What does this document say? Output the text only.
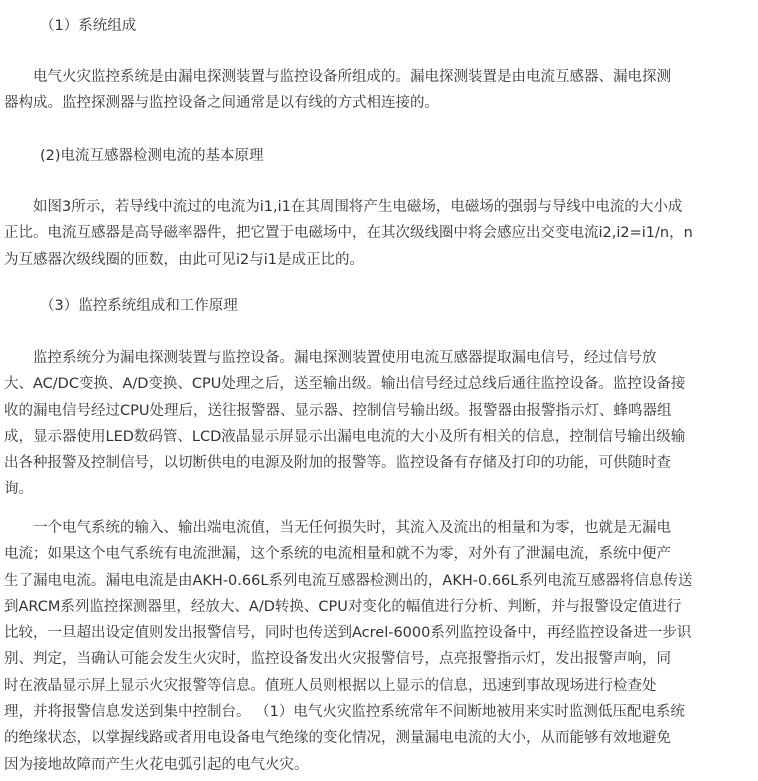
（1）系统组成
电气火灾监控系统是由漏电探测装置与监控设备所组成的。漏电探测装置是由电流互感器、漏电探测
器构成。监控探测器与监控设备之间通常是以有线的方式相连接的。
(2)电流互感器检测电流的基本原理
如图3所示，若导线中流过的电流为i1,i1在其周围将产生电磁场，电磁场的强弱与导线中电流的大小成
正比。电流互感器是高导磁率器件，把它置于电磁场中，在其次级线圈中将会感应出交变电流i2,i2=i1/n，n
为互感器次级线圈的匝数，由此可见i2与i1是成正比的。
（3）监控系统组成和工作原理
监控系统分为漏电探测装置与监控设备。漏电探测装置使用电流互感器提取漏电信号，经过信号放
大、AC/DC变换、A/D变换、CPU处理之后，送至输出级。输出信号经过总线后通往监控设备。监控设备接
收的漏电信号经过CPU处理后，送往报警器、显示器、控制信号输出级。报警器由报警指示灯、蜂鸣器组
成，显示器使用LED数码管、LCD液晶显示屏显示出漏电电流的大小及所有相关的信息，控制信号输出级输
出各种报警及控制信号，以切断供电的电源及附加的报警等。监控设备有存储及打印的功能，可供随时查
询。
一个电气系统的输入、输出端电流值，当无任何损失时，其流入及流出的相量和为零，也就是无漏电
电流；如果这个电气系统有电流泄漏，这个系统的电流相量和就不为零，对外有了泄漏电流，系统中便产
生了漏电电流。漏电电流是由AKH-0.66L系列电流互感器检测出的，AKH-0.66L系列电流互感器将信息传送
到ARCM系列监控探测器里，经放大、A/D转换、CPU对变化的幅值进行分析、判断，并与报警设定值进行
比较，一旦超出设定值则发出报警信号，同时也传送到Acrel-6000系列监控设备中，再经监控设备进一步识
别、判定，当确认可能会发生火灾时，监控设备发出火灾报警信号，点亮报警指示灯，发出报警声响，同
时在液晶显示屏上显示火灾报警等信息。值班人员则根据以上显示的信息，迅速到事故现场进行检查处
理，并将报警信息发送到集中控制台。 （1）电气火灾监控系统常年不间断地被用来实时监测低压配电系统
的绝缘状态，以掌握线路或者用电设备电气绝缘的变化情况，测量漏电电流的大小，从而能够有效地避免
因为接地故障而产生火花电弧引起的电气火灾。
